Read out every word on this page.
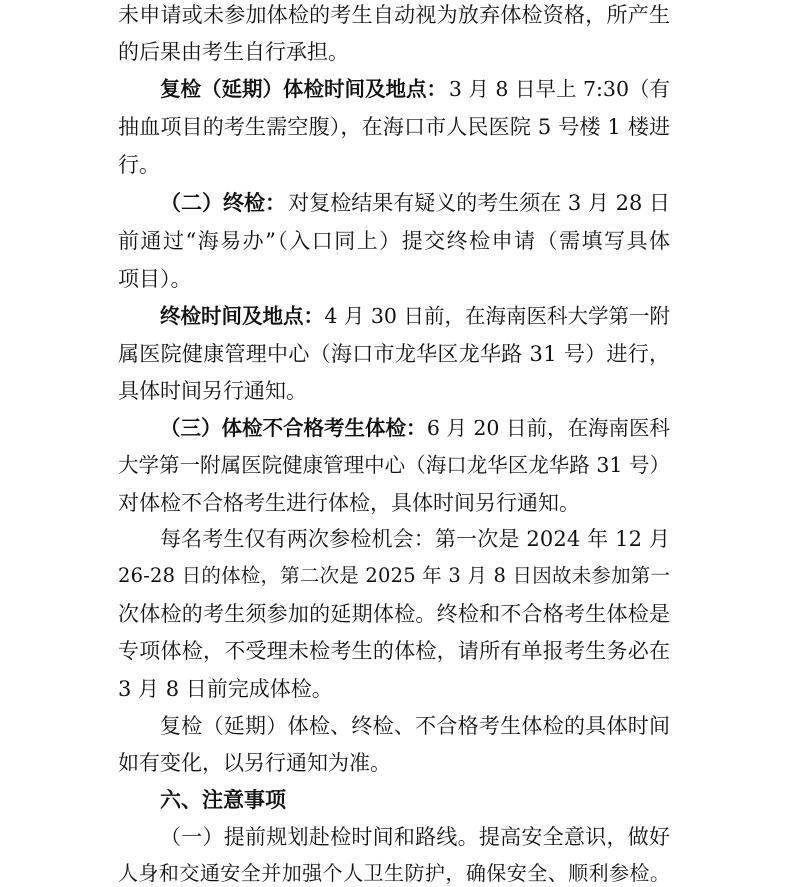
未申请或未参加体检的考生自动视为放弃体检资格，所产生
的后果由考生自行承担。
复检（延期）体检时间及地点： 3 月 8 日早上 7:30（有
抽血项目的考生需空腹），在海口市人民医院 5 号楼 1 楼进
行。
（二）终检： 对复检结果有疑义的考生须在 3 月 28 日
前通过“海易办”（入口同上）提交终检申请（需填写具体
项目）。
终检时间及地点： 4 月 30 日前，在海南医科大学第一附
属医院健康管理中心（海口市龙华区龙华路 31 号）进行，
具体时间另行通知。
（三）体检不合格考生体检： 6 月 20 日前，在海南医科
大学第一附属医院健康管理中心（海口龙华区龙华路 31 号）
对体检不合格考生进行体检，具体时间另行通知。
每名考生仅有两次参检机会：第一次是 2024 年 12 月
26-28 日的体检，第二次是 2025 年 3 月 8 日因故未参加第一
次体检的考生须参加的延期体检。终检和不合格考生体检是
专项体检，不受理未检考生的体检，请所有单报考生务必在
3 月 8 日前完成体检。
复检（延期）体检、终检、不合格考生体检的具体时间
如有变化，以另行通知为准。
六、注意事项
（一）提前规划赴检时间和路线。提高安全意识，做好
人身和交通安全并加强个人卫生防护，确保安全、顺利参检。
